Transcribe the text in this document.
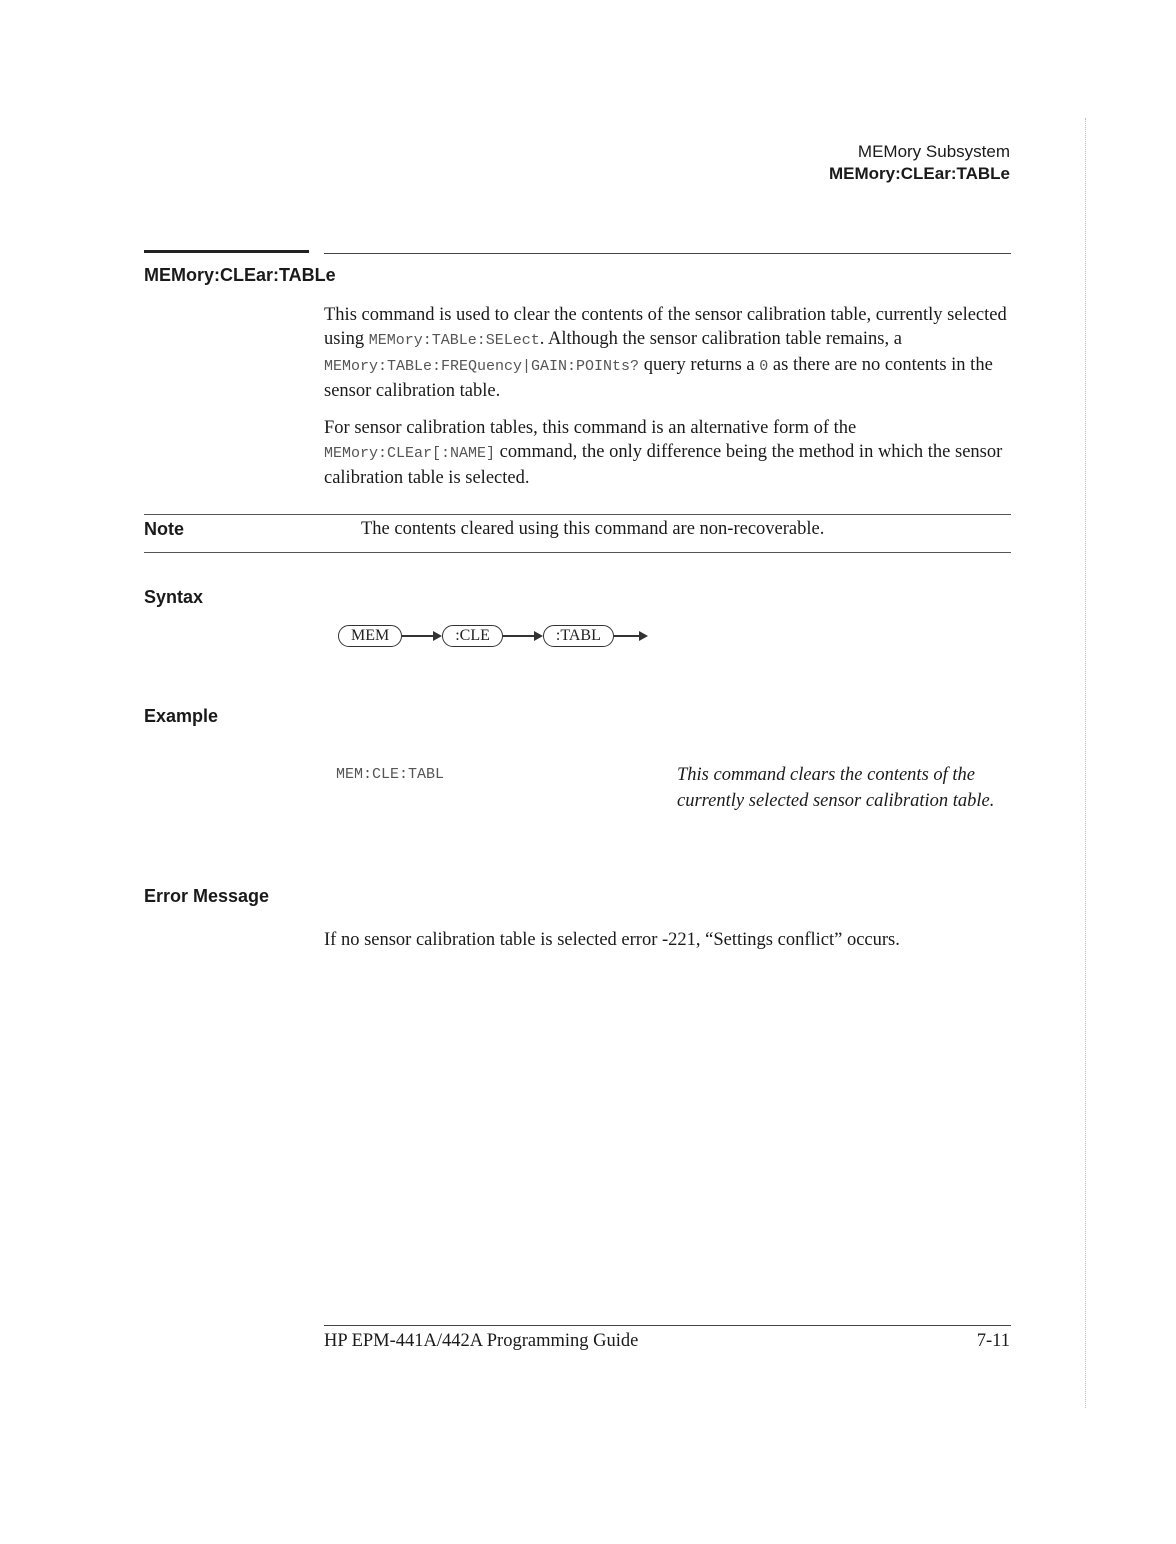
MEMory Subsystem
MEMory:CLEar:TABLe
MEMory:CLEar:TABLe
This command is used to clear the contents of the sensor calibration table, currently selected using MEMory:TABLe:SELect. Although the sensor calibration table remains, a MEMory:TABLe:FREQuency|GAIN:POINts? query returns a 0 as there are no contents in the sensor calibration table.
For sensor calibration tables, this command is an alternative form of the MEMory:CLEar[:NAME] command, the only difference being the method in which the sensor calibration table is selected.
Note	The contents cleared using this command are non-recoverable.
Syntax
MEM	:CLE	:TABL
Example
MEM:CLE:TABL	This command clears the contents of the currently selected sensor calibration table.
Error Message
If no sensor calibration table is selected error -221, “Settings conflict” occurs.
HP EPM-441A/442A Programming Guide	7-11
